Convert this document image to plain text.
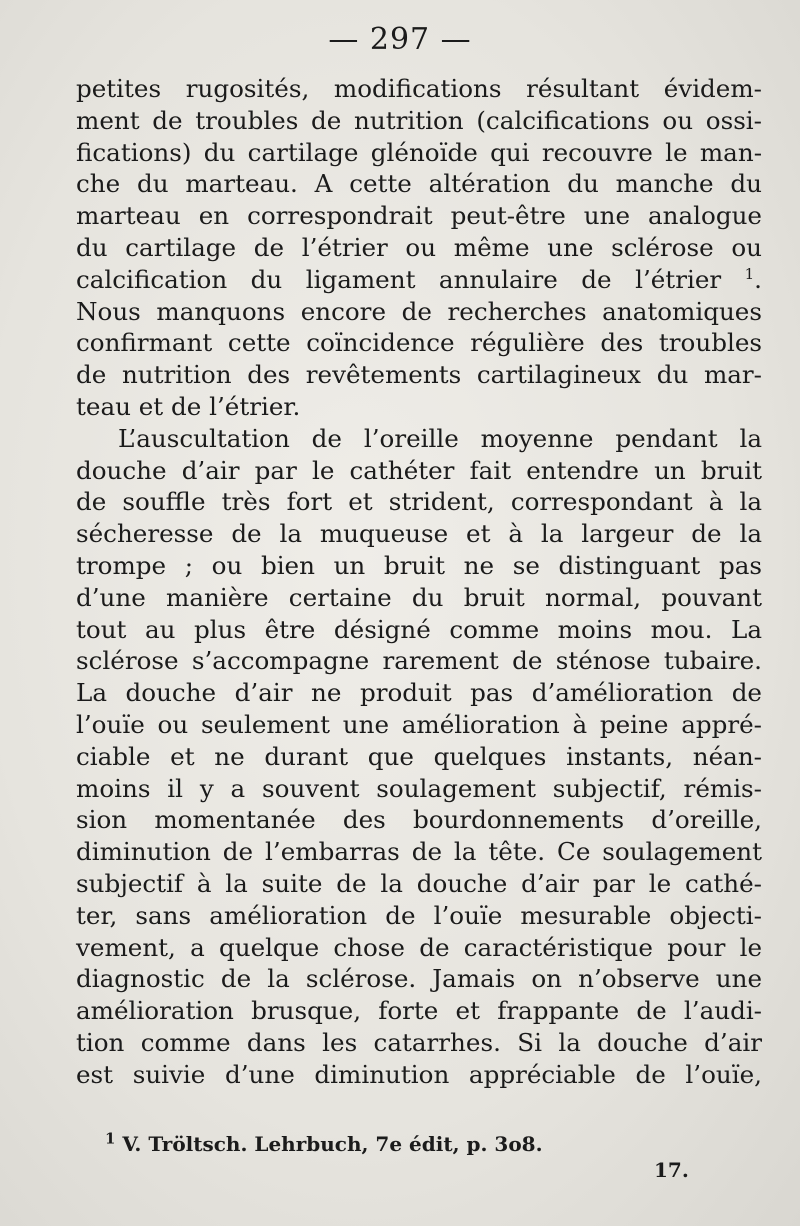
— 297 —
petites rugosités, modifications résultant évidem-
ment de troubles de nutrition (calcifications ou ossi-
fications) du cartilage glénoïde qui recouvre le man-
che du marteau. A cette altération du manche du
marteau en correspondrait peut-être une analogue
du cartilage de l’étrier ou même une sclérose ou
calcification du ligament annulaire de l’étrier $^1$.
Nous manquons encore de recherches anatomiques
confirmant cette coïncidence régulière des troubles
de nutrition des revêtements cartilagineux du mar-
teau et de l’étrier.
L’auscultation de l’oreille moyenne pendant la
douche d’air par le cathéter fait entendre un bruit
de souffle très fort et strident, correspondant à la
sécheresse de la muqueuse et à la largeur de la
trompe ; ou bien un bruit ne se distinguant pas
d’une manière certaine du bruit normal, pouvant
tout au plus être désigné comme moins mou. La
sclérose s’accompagne rarement de sténose tubaire.
La douche d’air ne produit pas d’amélioration de
l’ouïe ou seulement une amélioration à peine appré-
ciable et ne durant que quelques instants, néan-
moins il y a souvent soulagement subjectif, rémis-
sion momentanée des bourdonnements d’oreille,
diminution de l’embarras de la tête. Ce soulagement
subjectif à la suite de la douche d’air par le cathé-
ter, sans amélioration de l’ouïe mesurable objecti-
vement, a quelque chose de caractéristique pour le
diagnostic de la sclérose. Jamais on n’observe une
amélioration brusque, forte et frappante de l’audi-
tion comme dans les catarrhes. Si la douche d’air
est suivie d’une diminution appréciable de l’ouïe,
$^1$ V. Tröltsch. Lehrbuch, 7e édit, p. 3o8.
17.
